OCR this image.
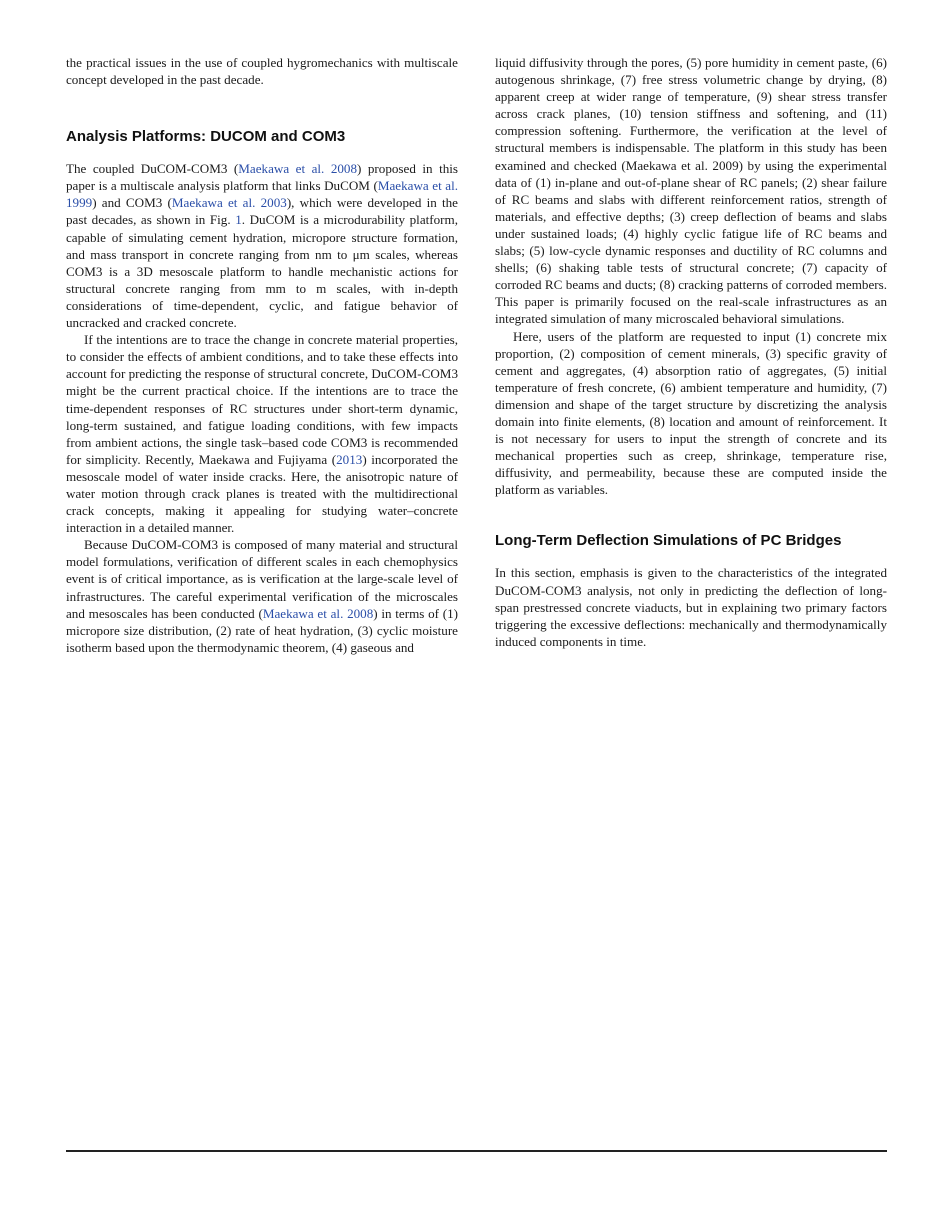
the practical issues in the use of coupled hygromechanics with multiscale concept developed in the past decade.

Analysis Platforms: DUCOM and COM3

The coupled DuCOM-COM3 (Maekawa et al. 2008) proposed in this paper is a multiscale analysis platform that links DuCOM (Maekawa et al. 1999) and COM3 (Maekawa et al. 2003), which were developed in the past decades, as shown in Fig. 1. DuCOM is a microdurability platform, capable of simulating cement hydration, micropore structure formation, and mass transport in concrete ranging from nm to μm scales, whereas COM3 is a 3D mesoscale platform to handle mechanistic actions for structural concrete ranging from mm to m scales, with in-depth considerations of time-dependent, cyclic, and fatigue behavior of uncracked and cracked concrete.

If the intentions are to trace the change in concrete material properties, to consider the effects of ambient conditions, and to take these effects into account for predicting the response of structural concrete, DuCOM-COM3 might be the current practical choice. If the intentions are to trace the time-dependent responses of RC structures under short-term dynamic, long-term sustained, and fatigue loading conditions, with few impacts from ambient actions, the single task–based code COM3 is recommended for simplicity. Recently, Maekawa and Fujiyama (2013) incorporated the mesoscale model of water inside cracks. Here, the anisotropic nature of water motion through crack planes is treated with the multidirectional crack concepts, making it appealing for studying water–concrete interaction in a detailed manner.

Because DuCOM-COM3 is composed of many material and structural model formulations, verification of different scales in each chemophysics event is of critical importance, as is verification at the large-scale level of infrastructures. The careful experimental verification of the microscales and mesoscales has been conducted (Maekawa et al. 2008) in terms of (1) micropore size distribution, (2) rate of heat hydration, (3) cyclic moisture isotherm based upon the thermodynamic theorem, (4) gaseous and

liquid diffusivity through the pores, (5) pore humidity in cement paste, (6) autogenous shrinkage, (7) free stress volumetric change by drying, (8) apparent creep at wider range of temperature, (9) shear stress transfer across crack planes, (10) tension stiffness and softening, and (11) compression softening. Furthermore, the verification at the level of structural members is indispensable. The platform in this study has been examined and checked (Maekawa et al. 2009) by using the experimental data of (1) in-plane and out-of-plane shear of RC panels; (2) shear failure of RC beams and slabs with different reinforcement ratios, strength of materials, and effective depths; (3) creep deflection of beams and slabs under sustained loads; (4) highly cyclic fatigue life of RC beams and slabs; (5) low-cycle dynamic responses and ductility of RC columns and shells; (6) shaking table tests of structural concrete; (7) capacity of corroded RC beams and ducts; (8) cracking patterns of corroded members. This paper is primarily focused on the real-scale infrastructures as an integrated simulation of many microscaled behavioral simulations.

Here, users of the platform are requested to input (1) concrete mix proportion, (2) composition of cement minerals, (3) specific gravity of cement and aggregates, (4) absorption ratio of aggregates, (5) initial temperature of fresh concrete, (6) ambient temperature and humidity, (7) dimension and shape of the target structure by discretizing the analysis domain into finite elements, (8) location and amount of reinforcement. It is not necessary for users to input the strength of concrete and its mechanical properties such as creep, shrinkage, temperature rise, diffusivity, and permeability, because these are computed inside the platform as variables.

Long-Term Deflection Simulations of PC Bridges

In this section, emphasis is given to the characteristics of the integrated DuCOM-COM3 analysis, not only in predicting the deflection of long-span prestressed concrete viaducts, but in explaining two primary factors triggering the excessive deflections: mechanically and thermodynamically induced components in time.
